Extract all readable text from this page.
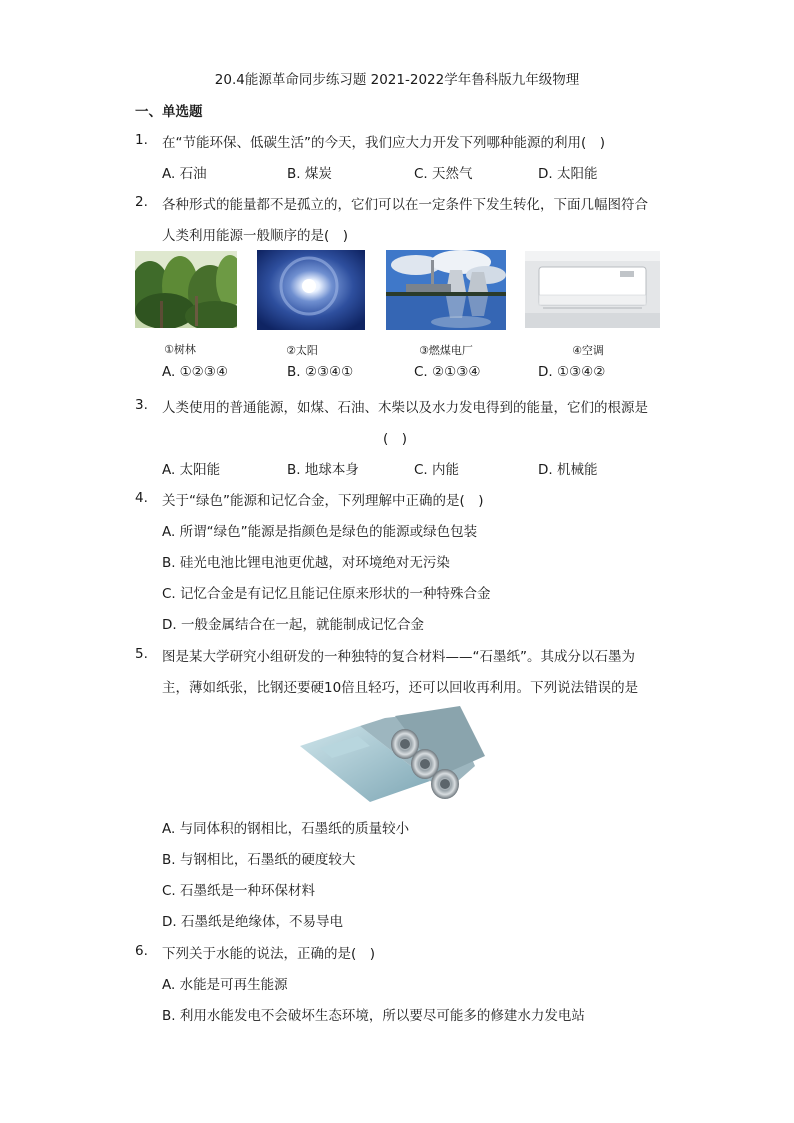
20.4能源革命同步练习题 2021-2022学年鲁科版九年级物理
一、单选题
1. 在“节能环保、低碳生活”的今天，我们应大力开发下列哪种能源的利用(　)
A. 石油	B. 煤炭	C. 天然气	D. 太阳能
2. 各种形式的能量都不是孤立的，它们可以在一定条件下发生转化，下面几幅图符合
人类利用能源一般顺序的是(　)
①树林	②太阳	③燃煤电厂	④空调
A. ①②③④	B. ②③④①	C. ②①③④	D. ①③④②
3. 人类使用的普通能源，如煤、石油、木柴以及水力发电得到的能量，它们的根源是
(　)
A. 太阳能	B. 地球本身	C. 内能	D. 机械能
4. 关于“绿色”能源和记忆合金，下列理解中正确的是(　)
A. 所谓“绿色”能源是指颜色是绿色的能源或绿色包装
B. 硅光电池比锂电池更优越，对环境绝对无污染
C. 记忆合金是有记忆且能记住原来形状的一种特殊合金
D. 一般金属结合在一起，就能制成记忆合金
5. 图是某大学研究小组研发的一种独特的复合材料——“石墨纸”。其成分以石墨为
主，薄如纸张，比钢还要硬10倍且轻巧，还可以回收再利用。下列说法错误的是
A. 与同体积的钢相比，石墨纸的质量较小
B. 与钢相比，石墨纸的硬度较大
C. 石墨纸是一种环保材料
D. 石墨纸是绝缘体，不易导电
6. 下列关于水能的说法，正确的是(　)
A. 水能是可再生能源
B. 利用水能发电不会破坏生态环境，所以要尽可能多的修建水力发电站
